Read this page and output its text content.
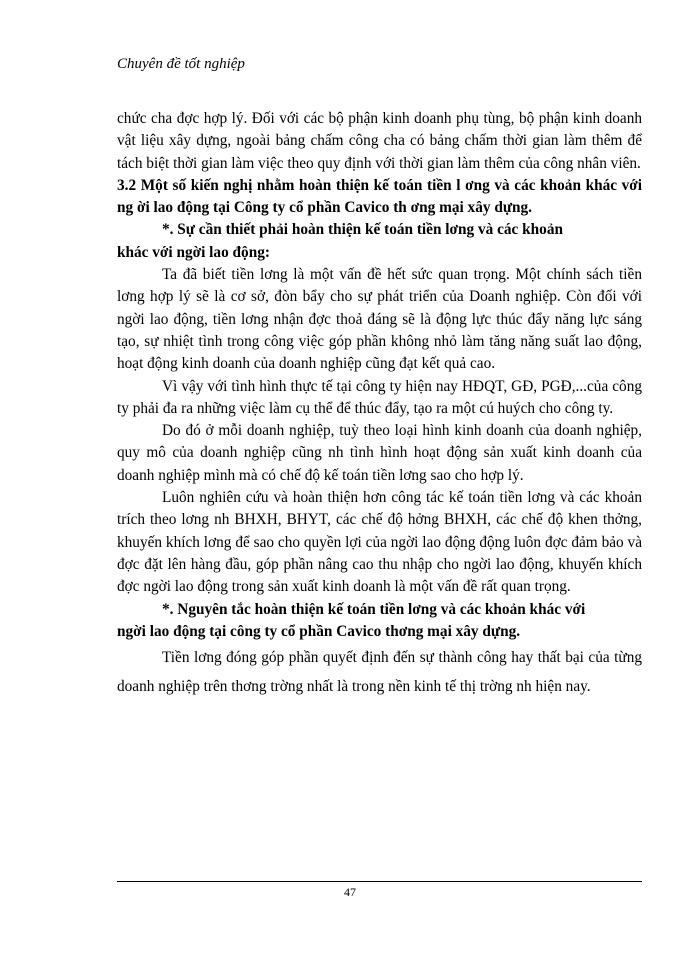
Chuyên đề tốt nghiệp

chức cha đợc hợp lý. Đối với các bộ phận kinh doanh phụ tùng, bộ phận kinh doanh vật liệu xây dựng, ngoài bảng chấm công cha có bảng chấm thời gian làm thêm để tách biệt thời gian làm việc theo quy định với thời gian làm thêm của công nhân viên.

3.2 Một số kiến nghị nhằm hoàn thiện kế toán tiền l ơng và các khoản khác với ng ời lao động tại Công ty cổ phần Cavico th ơng mại xây dựng.

*. Sự cần thiết phải hoàn thiện kế toán tiền lơng và các khoản

khác với ngời lao động:

Ta đã biết tiền lơng là một vấn đề hết sức quan trọng. Một chính sách tiền lơng hợp lý sẽ là cơ sở, đòn bẩy cho sự phát triển của Doanh nghiệp. Còn đối với ngời lao động, tiền lơng nhận đợc thoả đáng sẽ là động lực thúc đẩy năng lực sáng tạo, sự nhiệt tình trong công việc góp phần không nhỏ làm tăng năng suất lao động, hoạt động kinh doanh của doanh nghiệp cũng đạt kết quả cao.

Vì vậy với tình hình thực tế tại công ty hiện nay HĐQT, GĐ, PGĐ,...của công ty phải đa ra những việc làm cụ thể để thúc đẩy, tạo ra một cú huých cho công ty.

Do đó ở mỗi doanh nghiệp, tuỳ theo loại hình kinh doanh của doanh nghiệp, quy mô của doanh nghiệp cũng nh tình hình hoạt động sản xuất kinh doanh của doanh nghiệp mình mà có chế độ kế toán tiền lơng sao cho hợp lý.

Luôn nghiên cứu và hoàn thiện hơn công tác kế toán tiền lơng và các khoản trích theo lơng nh BHXH, BHYT, các chế độ hởng BHXH, các chế độ khen thởng, khuyến khích lơng để sao cho quyền lợi của ngời lao động động luôn đợc đảm bảo và đợc đặt lên hàng đầu, góp phần nâng cao thu nhập cho ngời lao động, khuyến khích đợc ngời lao động trong sản xuất kinh doanh là một vấn đề rất quan trọng.

*. Nguyên tắc hoàn thiện kế toán tiền lơng và các khoản khác với

ngời lao động tại công ty cổ phần Cavico thơng mại xây dựng.

Tiền lơng đóng góp phần quyết định đến sự thành công hay thất bại của từng doanh nghiệp trên thơng trờng nhất là trong nền kinh tế thị trờng nh hiện nay.

47
